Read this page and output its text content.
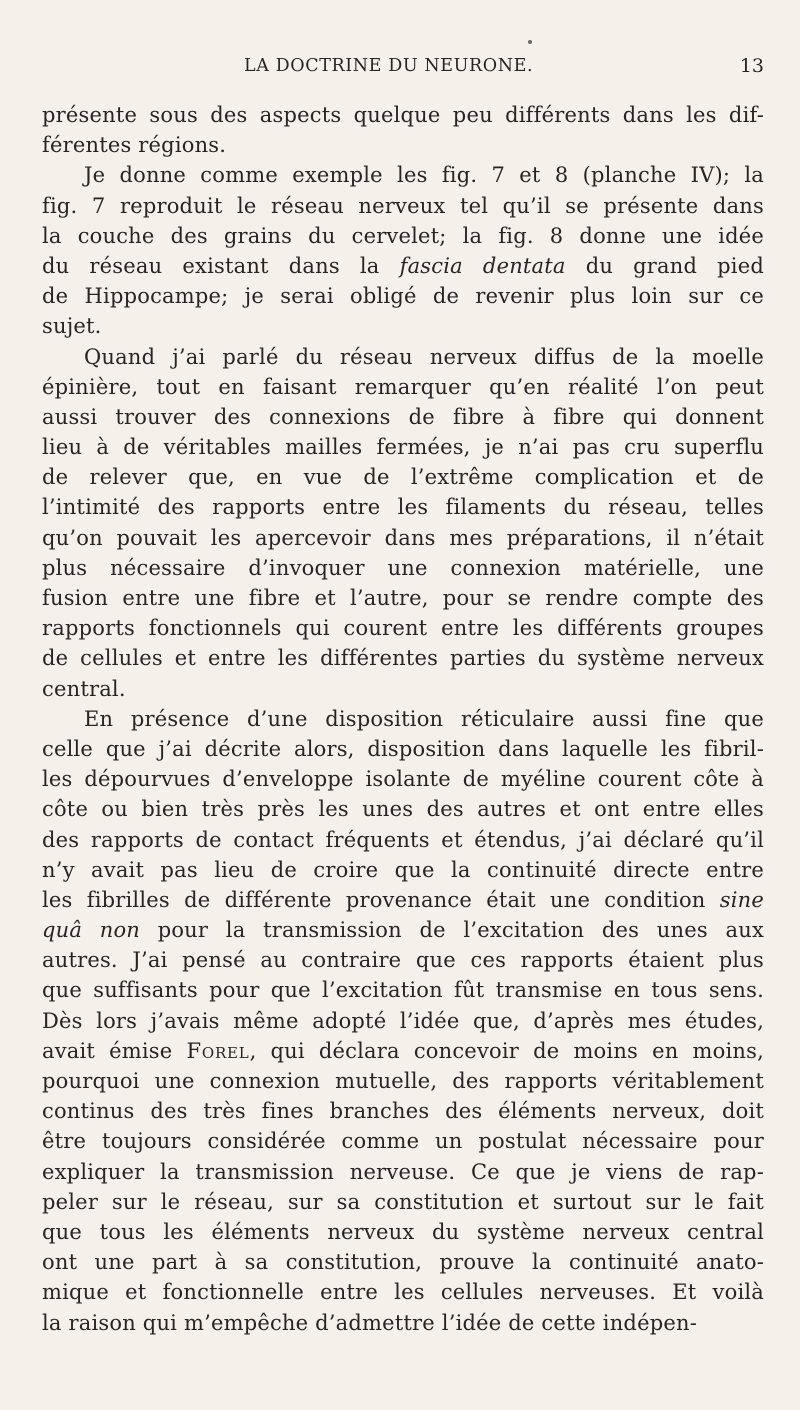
LA DOCTRINE DU NEURONE.	13
présente sous des aspects quelque peu différents dans les dif-
férentes régions.
Je donne comme exemple les fig. 7 et 8 (planche IV); la
fig. 7 reproduit le réseau nerveux tel qu’il se présente dans
la couche des grains du cervelet; la fig. 8 donne une idée
du réseau existant dans la fascia dentata du grand pied
de Hippocampe; je serai obligé de revenir plus loin sur ce
sujet.
Quand j’ai parlé du réseau nerveux diffus de la moelle
épinière, tout en faisant remarquer qu’en réalité l’on peut
aussi trouver des connexions de fibre à fibre qui donnent
lieu à de véritables mailles fermées, je n’ai pas cru superflu
de relever que, en vue de l’extrême complication et de
l’intimité des rapports entre les filaments du réseau, telles
qu’on pouvait les apercevoir dans mes préparations, il n’était
plus nécessaire d’invoquer une connexion matérielle, une
fusion entre une fibre et l’autre, pour se rendre compte des
rapports fonctionnels qui courent entre les différents groupes
de cellules et entre les différentes parties du système nerveux
central.
En présence d’une disposition réticulaire aussi fine que
celle que j’ai décrite alors, disposition dans laquelle les fibril-
les dépourvues d’enveloppe isolante de myéline courent côte à
côte ou bien très près les unes des autres et ont entre elles
des rapports de contact fréquents et étendus, j’ai déclaré qu’il
n’y avait pas lieu de croire que la continuité directe entre
les fibrilles de différente provenance était une condition sine
quâ non pour la transmission de l’excitation des unes aux
autres. J’ai pensé au contraire que ces rapports étaient plus
que suffisants pour que l’excitation fût transmise en tous sens.
Dès lors j’avais même adopté l’idée que, d’après mes études,
avait émise Forel, qui déclara concevoir de moins en moins,
pourquoi une connexion mutuelle, des rapports véritablement
continus des très fines branches des éléments nerveux, doit
être toujours considérée comme un postulat nécessaire pour
expliquer la transmission nerveuse. Ce que je viens de rap-
peler sur le réseau, sur sa constitution et surtout sur le fait
que tous les éléments nerveux du système nerveux central
ont une part à sa constitution, prouve la continuité anato-
mique et fonctionnelle entre les cellules nerveuses. Et voilà
la raison qui m’empêche d’admettre l’idée de cette indépen-
